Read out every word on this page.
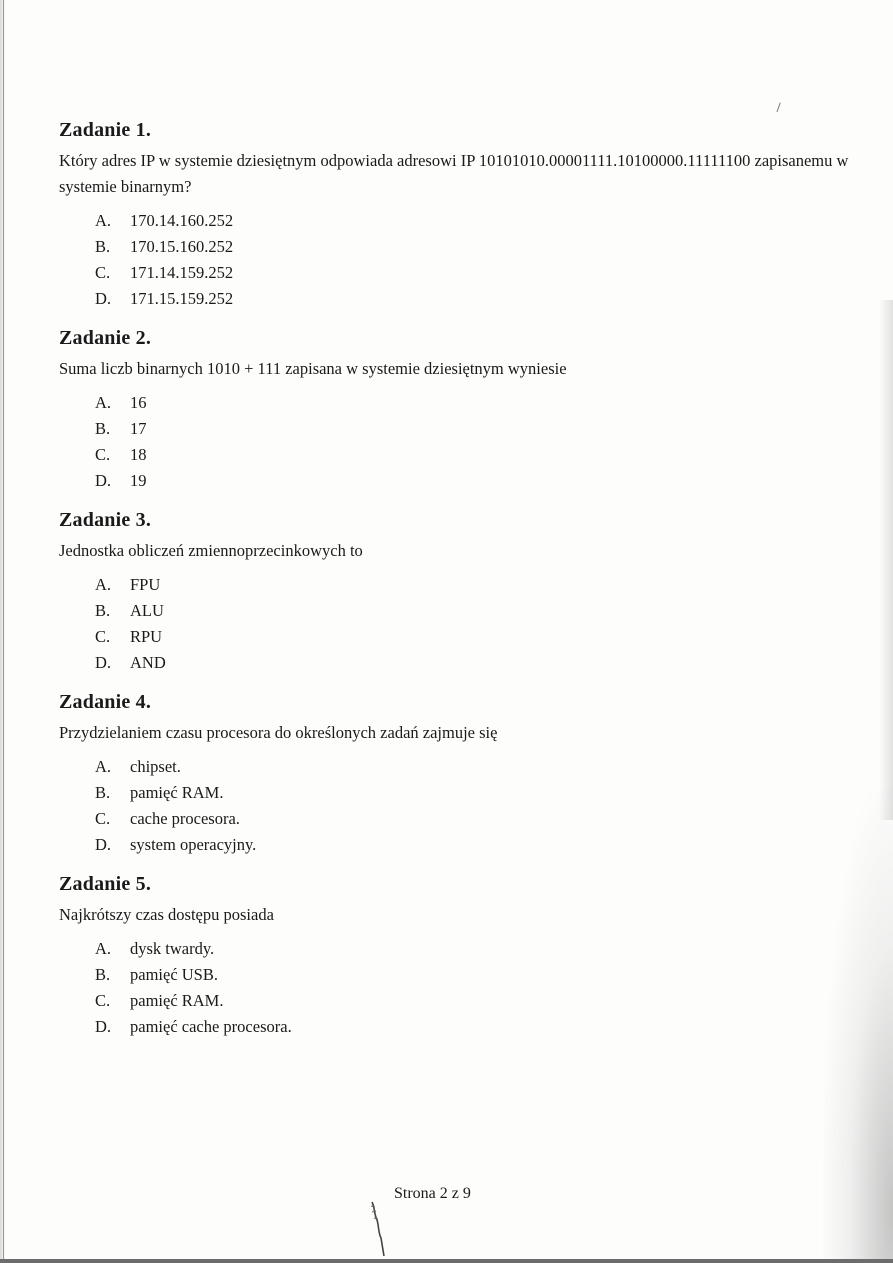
Zadanie 1.

Który adres IP w systemie dziesiętnym odpowiada adresowi IP 10101010.00001111.10100000.11111100 zapisanemu w systemie binarnym?

A.	170.14.160.252
B.	170.15.160.252
C.	171.14.159.252
D.	171.15.159.252
Zadanie 2.

Suma liczb binarnych 1010 + 111 zapisana w systemie dziesiętnym wyniesie

A.	16
B.	17
C.	18
D.	19
Zadanie 3.

Jednostka obliczeń zmiennoprzecinkowych to

A.	FPU
B.	ALU
C.	RPU
D.	AND
Zadanie 4.

Przydzielaniem czasu procesora do określonych zadań zajmuje się

A.	chipset.
B.	pamięć RAM.
C.	cache procesora.
D.	system operacyjny.
Zadanie 5.

Najkrótszy czas dostępu posiada

A.	dysk twardy.
B.	pamięć USB.
C.	pamięć RAM.
D.	pamięć cache procesora.
Strona 2 z 9
